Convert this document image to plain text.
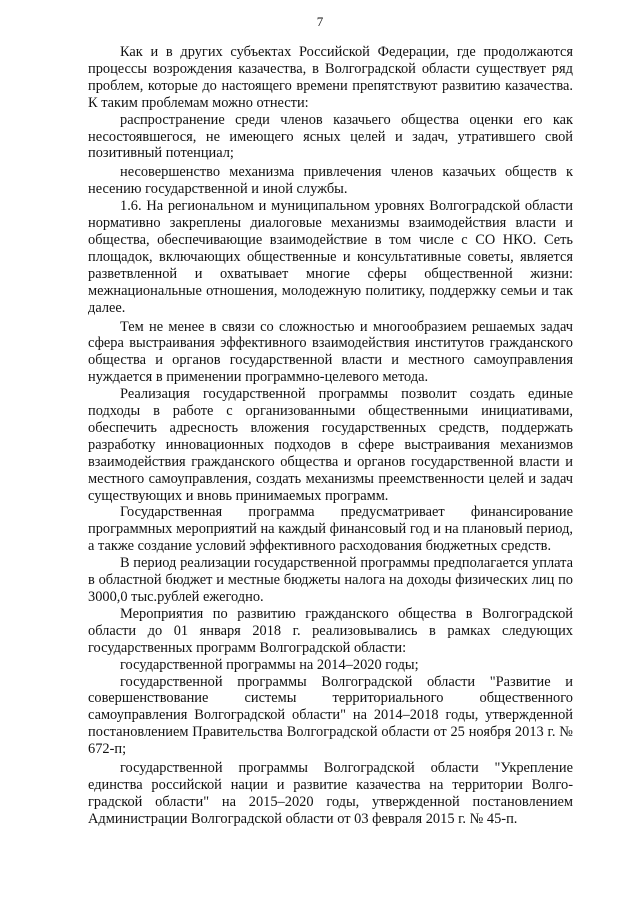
7

Как и в других субъектах Российской Федерации, где продолжаются процессы возрождения казачества, в Волгоградской области существует ряд проблем, которые до настоящего времени препятствуют развитию казачества. К таким проблемам можно отнести:

распространение среди членов казачьего общества оценки его как несостоявшегося, не имеющего ясных целей и задач, утратившего свой позитивный потенциал;

несовершенство механизма привлечения членов казачьих обществ к несению государственной и иной службы.

1.6. На региональном и муниципальном уровнях Волгоградской области нормативно закреплены диалоговые механизмы взаимодействия власти и общества, обеспечивающие взаимодействие в том числе с СО НКО. Сеть площадок, включающих общественные и консультативные советы, является разветвленной и охватывает многие сферы общественной жизни: межнациональные отношения, молодежную политику, поддержку семьи и так далее.

Тем не менее в связи со сложностью и многообразием решаемых задач сфера выстраивания эффективного взаимодействия институтов гражданского общества и органов государственной власти и местного самоуправления нуждается в применении программно-целевого метода.

Реализация государственной программы позволит создать единые подходы в работе с организованными общественными инициативами, обеспечить адресность вложения государственных средств, поддержать разработку инновационных подходов в сфере выстраивания механизмов взаимодействия гражданского общества и органов государственной власти и местного самоуправления, создать механизмы преемственности целей и задач существующих и вновь принимаемых программ.

Государственная программа предусматривает финансирование программных мероприятий на каждый финансовый год и на плановый период, а также создание условий эффективного расходования бюджетных средств.

В период реализации государственной программы предполагается уплата в областной бюджет и местные бюджеты налога на доходы физических лиц по 3000,0 тыс.рублей ежегодно.

Мероприятия по развитию гражданского общества в Волгоградской области до 01 января 2018 г. реализовывались в рамках следующих государственных программ Волгоградской области:

государственной программы на 2014–2020 годы;

государственной программы Волгоградской области "Развитие и совершенствование системы территориального общественного самоуправления Волгоградской области" на 2014–2018 годы, утвержденной постановлением Правительства Волгоградской области от 25 ноября 2013 г. № 672-п;

государственной программы Волгоградской области "Укрепление единства российской нации и развитие казачества на территории Волгоградской области" на 2015–2020 годы, утвержденной постановлением Администрации Волгоградской области от 03 февраля 2015 г. № 45-п.
